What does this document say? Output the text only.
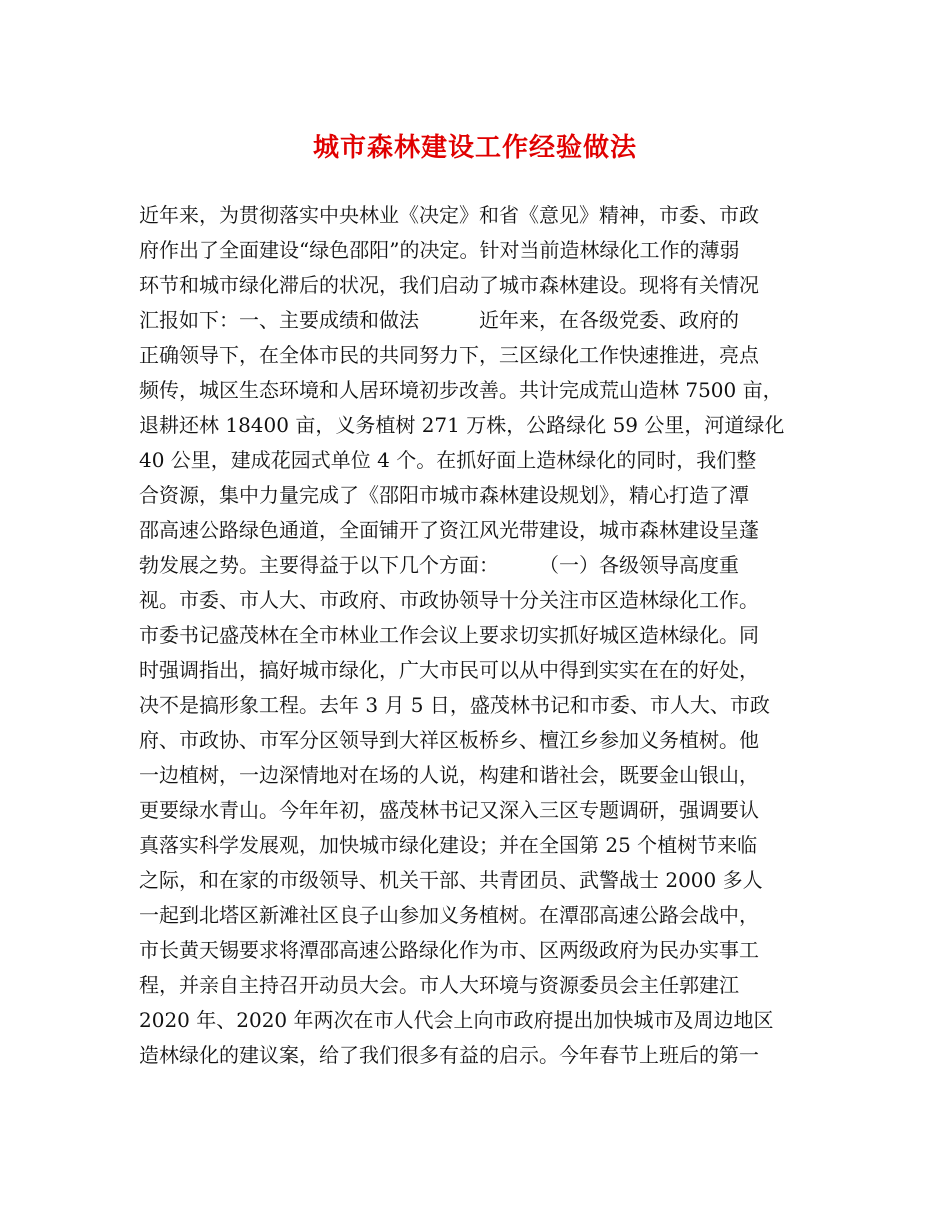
城市森林建设工作经验做法
近年来，为贯彻落实中央林业《决定》和省《意见》精神，市委、市政
府作出了全面建设“绿色邵阳”的决定。针对当前造林绿化工作的薄弱
环节和城市绿化滞后的状况，我们启动了城市森林建设。现将有关情况
汇报如下：一、主要成绩和做法　　　近年来，在各级党委、政府的
正确领导下，在全体市民的共同努力下，三区绿化工作快速推进，亮点
频传，城区生态环境和人居环境初步改善。共计完成荒山造林 7500 亩，
退耕还林 18400 亩，义务植树 271 万株，公路绿化 59 公里，河道绿化
40 公里，建成花园式单位 4 个。在抓好面上造林绿化的同时，我们整
合资源，集中力量完成了《邵阳市城市森林建设规划》，精心打造了潭
邵高速公路绿色通道，全面铺开了资江风光带建设，城市森林建设呈蓬
勃发展之势。主要得益于以下几个方面：　　　（一）各级领导高度重
视。市委、市人大、市政府、市政协领导十分关注市区造林绿化工作。
市委书记盛茂林在全市林业工作会议上要求切实抓好城区造林绿化。同
时强调指出，搞好城市绿化，广大市民可以从中得到实实在在的好处，
决不是搞形象工程。去年 3 月 5 日，盛茂林书记和市委、市人大、市政
府、市政协、市军分区领导到大祥区板桥乡、檀江乡参加义务植树。他
一边植树，一边深情地对在场的人说，构建和谐社会，既要金山银山，
更要绿水青山。今年年初，盛茂林书记又深入三区专题调研，强调要认
真落实科学发展观，加快城市绿化建设；并在全国第 25 个植树节来临
之际，和在家的市级领导、机关干部、共青团员、武警战士 2000 多人
一起到北塔区新滩社区良子山参加义务植树。在潭邵高速公路会战中，
市长黄天锡要求将潭邵高速公路绿化作为市、区两级政府为民办实事工
程，并亲自主持召开动员大会。市人大环境与资源委员会主任郭建江
2020 年、2020 年两次在市人代会上向市政府提出加快城市及周边地区
造林绿化的建议案，给了我们很多有益的启示。今年春节上班后的第一
